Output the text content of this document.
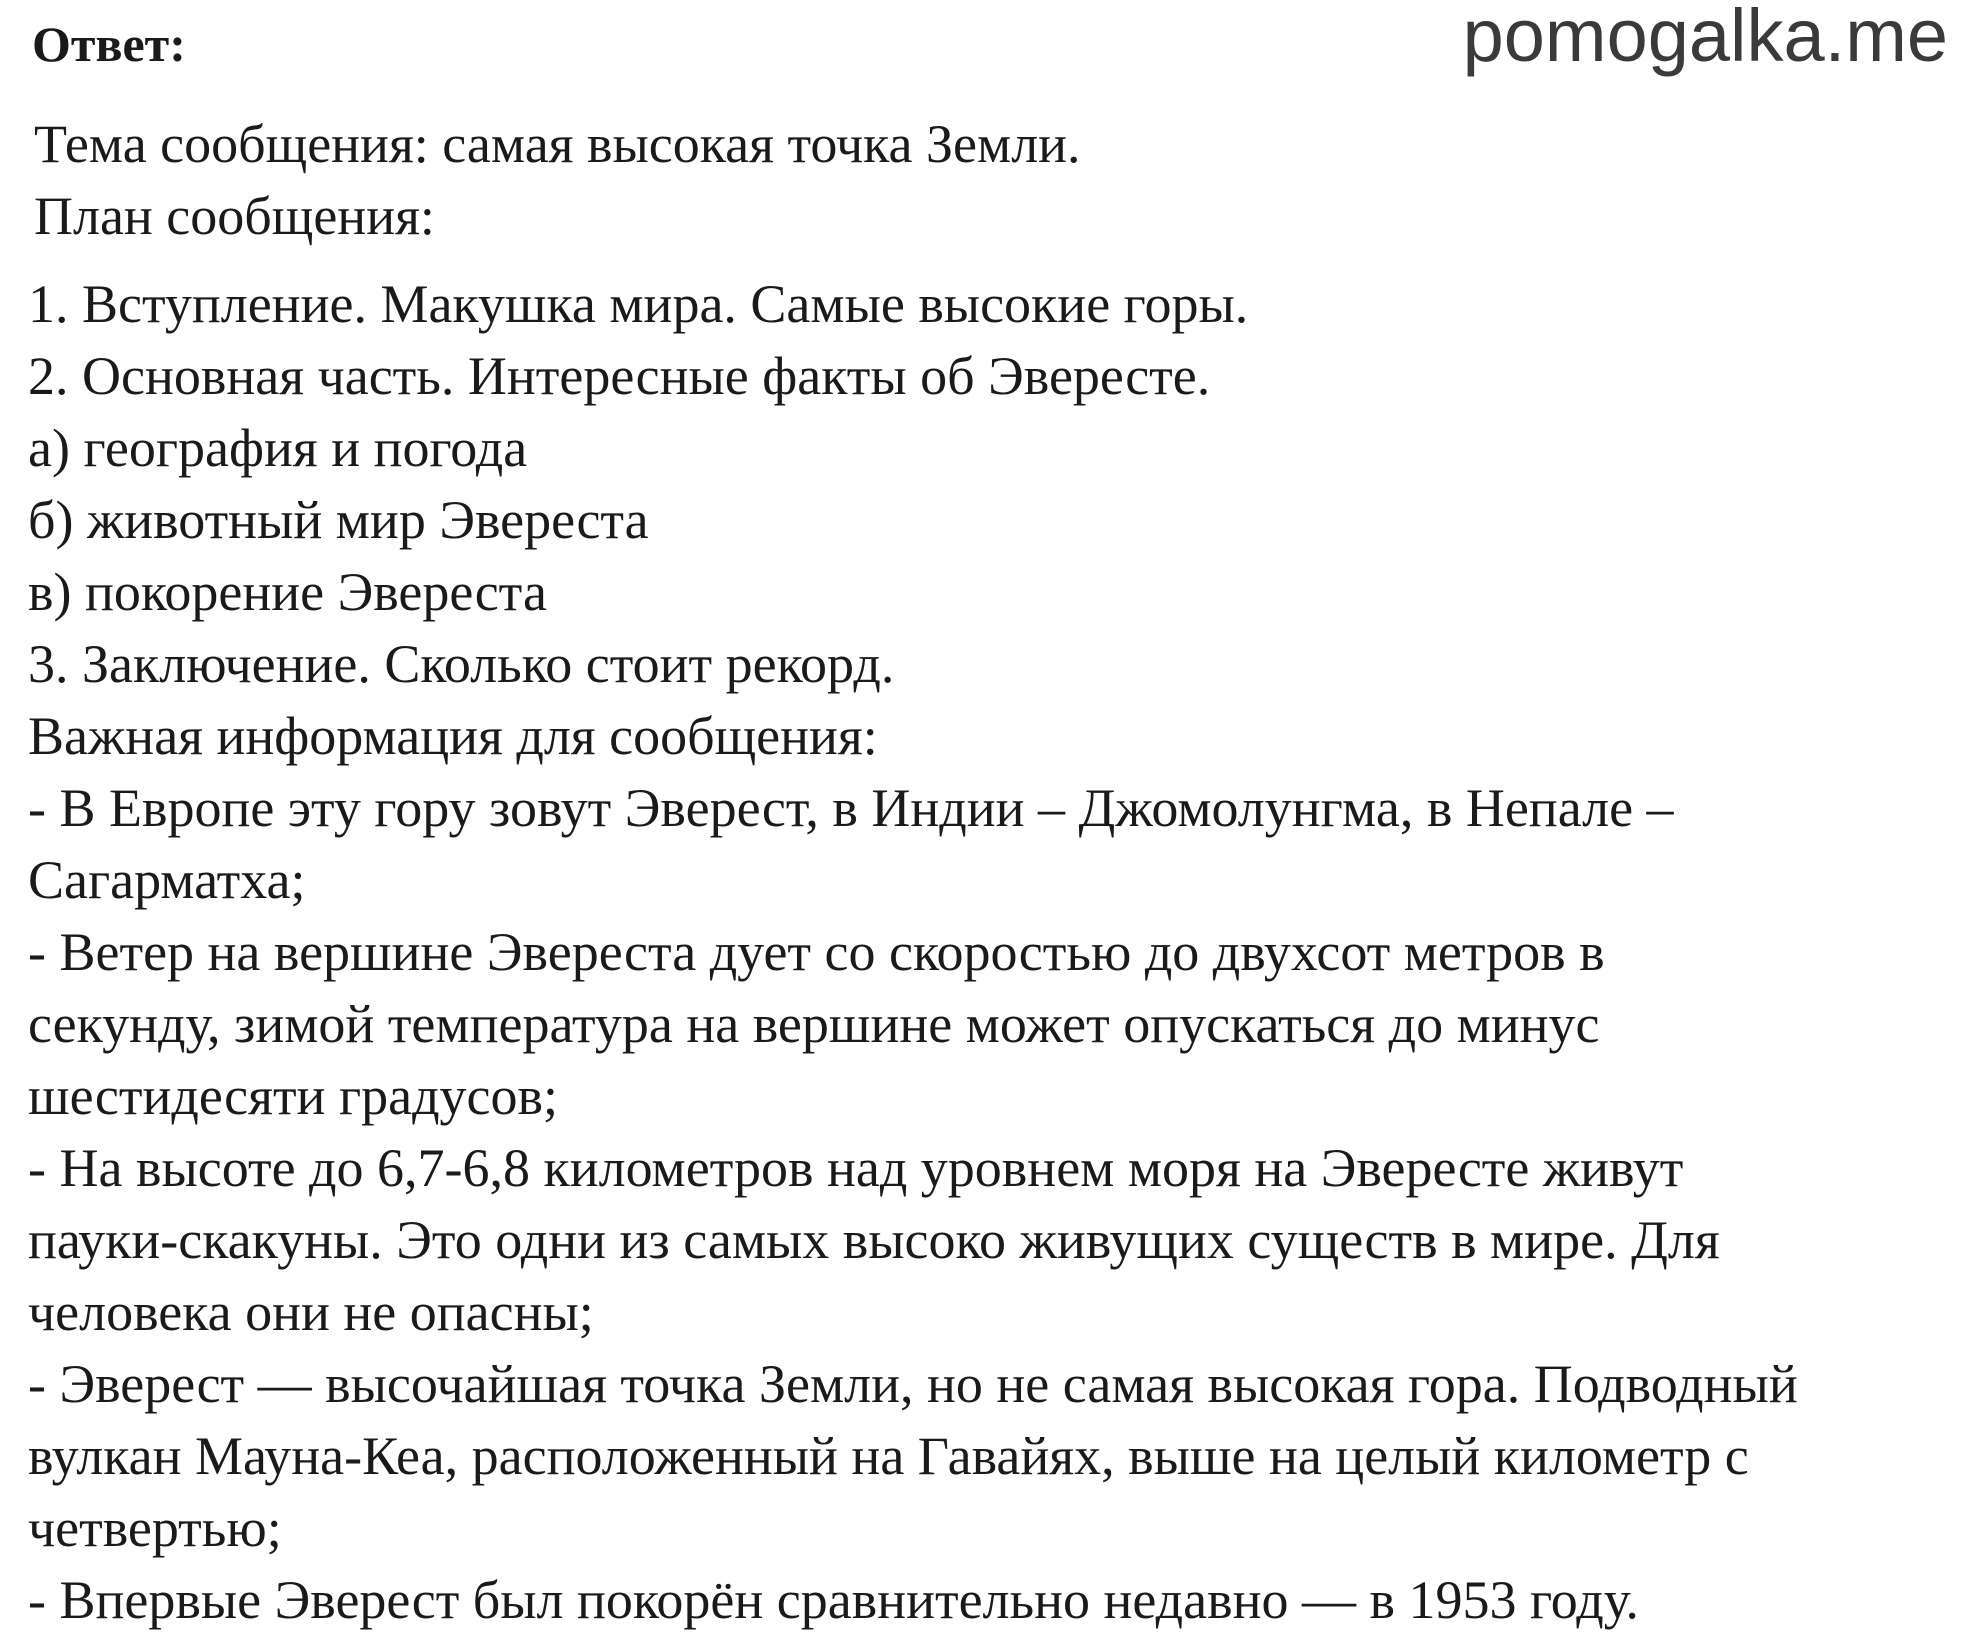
Ответ:	pomogalka.me
Тема сообщения: самая высокая точка Земли.
План сообщения:
1. Вступление. Макушка мира. Самые высокие горы.
2. Основная часть. Интересные факты об Эвересте.
а) география и погода
б) животный мир Эвереста
в) покорение Эвереста
3. Заключение. Сколько стоит рекорд.
Важная информация для сообщения:
- В Европе эту гору зовут Эверест, в Индии – Джомолунгма, в Непале –
Сагарматха;
- Ветер на вершине Эвереста дует со скоростью до двухсот метров в
секунду, зимой температура на вершине может опускаться до минус
шестидесяти градусов;
- На высоте до 6,7-6,8 километров над уровнем моря на Эвересте живут
пауки-скакуны. Это одни из самых высоко живущих существ в мире. Для
человека они не опасны;
- Эверест — высочайшая точка Земли, но не самая высокая гора. Подводный
вулкан Мауна-Кеа, расположенный на Гавайях, выше на целый километр с
четвертью;
- Впервые Эверест был покорён сравнительно недавно — в 1953 году.
